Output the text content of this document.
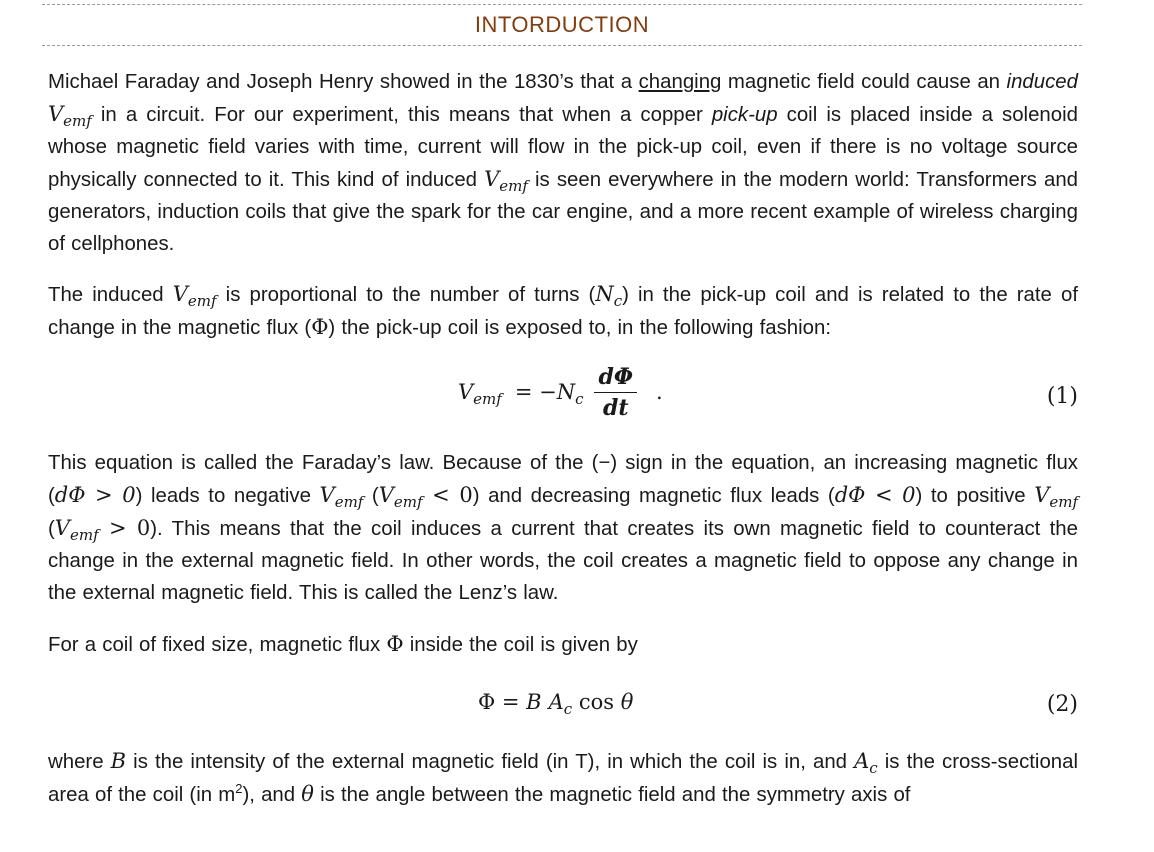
INTORDUCTION

Michael Faraday and Joseph Henry showed in the 1830’s that a changing magnetic field could cause an induced $V_{emf}$ in a circuit. For our experiment, this means that when a copper pick-up coil is placed inside a solenoid whose magnetic field varies with time, current will flow in the pick-up coil, even if there is no voltage source physically connected to it. This kind of induced $V_{emf}$ is seen everywhere in the modern world: Transformers and generators, induction coils that give the spark for the car engine, and a more recent example of wireless charging of cellphones.

The induced $V_{emf}$ is proportional to the number of turns $(N_c)$ in the pick-up coil and is related to the rate of change in the magnetic flux (Φ) the pick-up coil is exposed to, in the following fashion:

$V_{emf} = -N_c \frac{d\Phi}{dt}$ .	(1)

This equation is called the Faraday’s law. Because of the (−) sign in the equation, an increasing magnetic flux (dΦ > 0) leads to negative $V_{emf}$ $(V_{emf} < 0)$ and decreasing magnetic flux leads (dΦ < 0) to positive $V_{emf}$ $(V_{emf} > 0)$. This means that the coil induces a current that creates its own magnetic field to counteract the change in the external magnetic field. In other words, the coil creates a magnetic field to oppose any change in the external magnetic field. This is called the Lenz’s law.

For a coil of fixed size, magnetic flux Φ inside the coil is given by

Φ = B $A_c$ cos θ	(2)

where B is the intensity of the external magnetic field (in T), in which the coil is in, and $A_c$ is the cross-sectional area of the coil (in $m^2$), and θ is the angle between the magnetic field and the symmetry axis of
